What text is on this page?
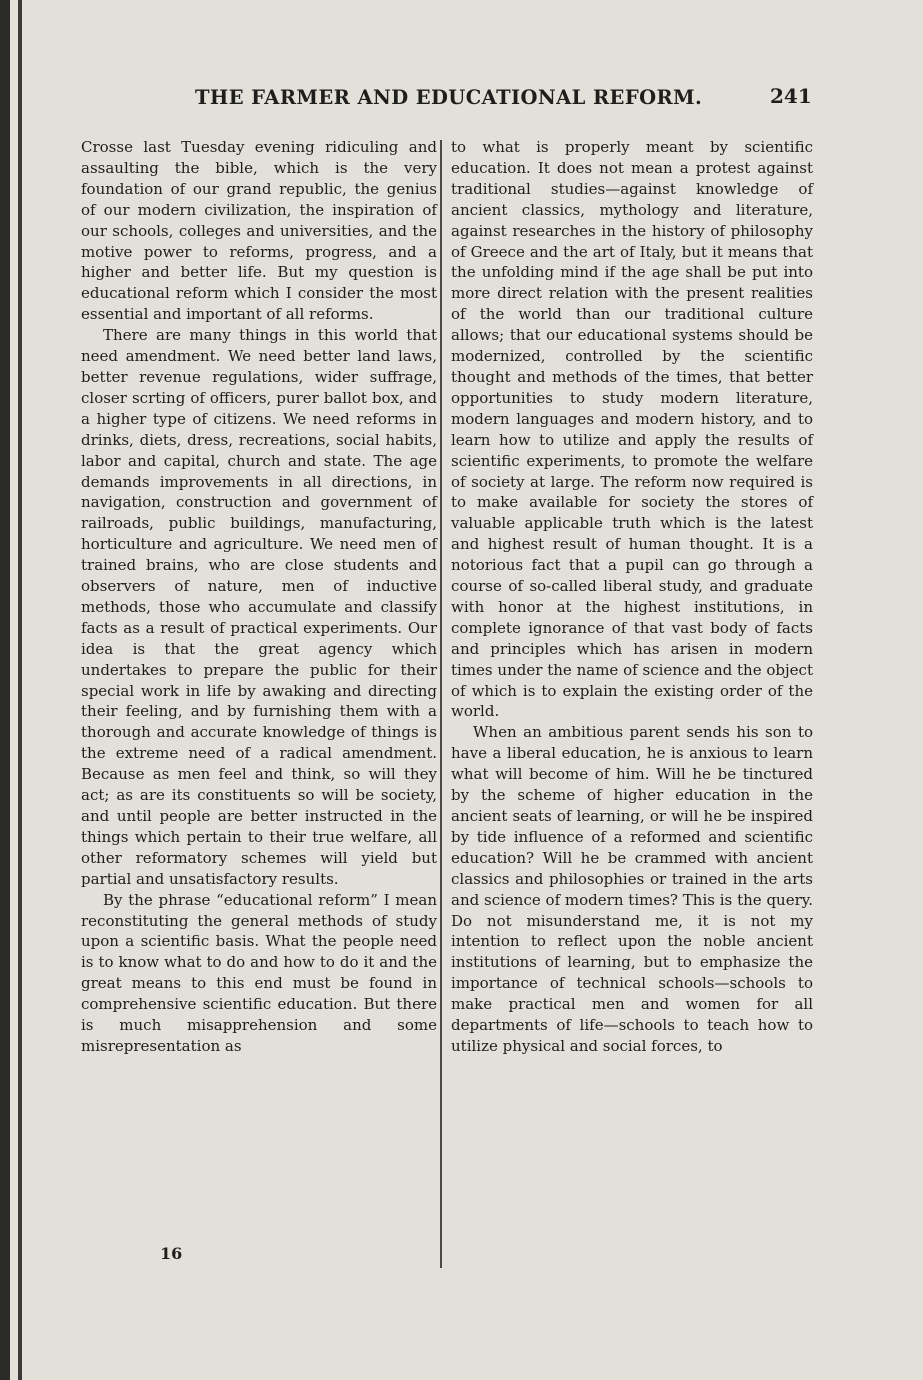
THE FARMER AND EDUCATIONAL REFORM.	241

Crosse last Tuesday evening ridiculing and assaulting the bible, which is the very foundation of our grand republic, the genius of our modern civilization, the inspiration of our schools, colleges and universities, and the motive power to reforms, progress, and a higher and better life. But my question is educational reform which I consider the most essential and important of all reforms.

There are many things in this world that need amendment. We need better land laws, better revenue regulations, wider suffrage, closer scrting of officers, purer ballot box, and a higher type of citizens. We need reforms in drinks, diets, dress, recreations, social habits, labor and capital, church and state. The age demands improvements in all directions, in navigation, construction and government of railroads, public buildings, manufacturing, horticulture and agriculture. We need men of trained brains, who are close students and observers of nature, men of inductive methods, those who accumulate and classify facts as a result of practical experiments. Our idea is that the great agency which undertakes to prepare the public for their special work in life by awaking and directing their feeling, and by furnishing them with a thorough and accurate knowledge of things is the extreme need of a radical amendment. Because as men feel and think, so will they act; as are its constituents so will be society, and until people are better instructed in the things which pertain to their true welfare, all other reformatory schemes will yield but partial and unsatisfactory results.

By the phrase “educational reform” I mean reconstituting the general methods of study upon a scientific basis. What the people need is to know what to do and how to do it and the great means to this end must be found in comprehensive scientific education. But there is much misapprehension and some misrepresentation as

to what is properly meant by scientific education. It does not mean a protest against traditional studies—against knowledge of ancient classics, mythology and literature, against researches in the history of philosophy of Greece and the art of Italy, but it means that the unfolding mind if the age shall be put into more direct relation with the present realities of the world than our traditional culture allows; that our educational systems should be modernized, controlled by the scientific thought and methods of the times, that better opportunities to study modern literature, modern languages and modern history, and to learn how to utilize and apply the results of scientific experiments, to promote the welfare of society at large. The reform now required is to make available for society the stores of valuable applicable truth which is the latest and highest result of human thought. It is a notorious fact that a pupil can go through a course of so-called liberal study, and graduate with honor at the highest institutions, in complete ignorance of that vast body of facts and principles which has arisen in modern times under the name of science and the object of which is to explain the existing order of the world.

When an ambitious parent sends his son to have a liberal education, he is anxious to learn what will become of him. Will he be tinctured by the scheme of higher education in the ancient seats of learning, or will he be inspired by tide influence of a reformed and scientific education? Will he be crammed with ancient classics and philosophies or trained in the arts and science of modern times? This is the query. Do not misunderstand me, it is not my intention to reflect upon the noble ancient institutions of learning, but to emphasize the importance of technical schools—schools to make practical men and women for all departments of life—schools to teach how to utilize physical and social forces, to

16
